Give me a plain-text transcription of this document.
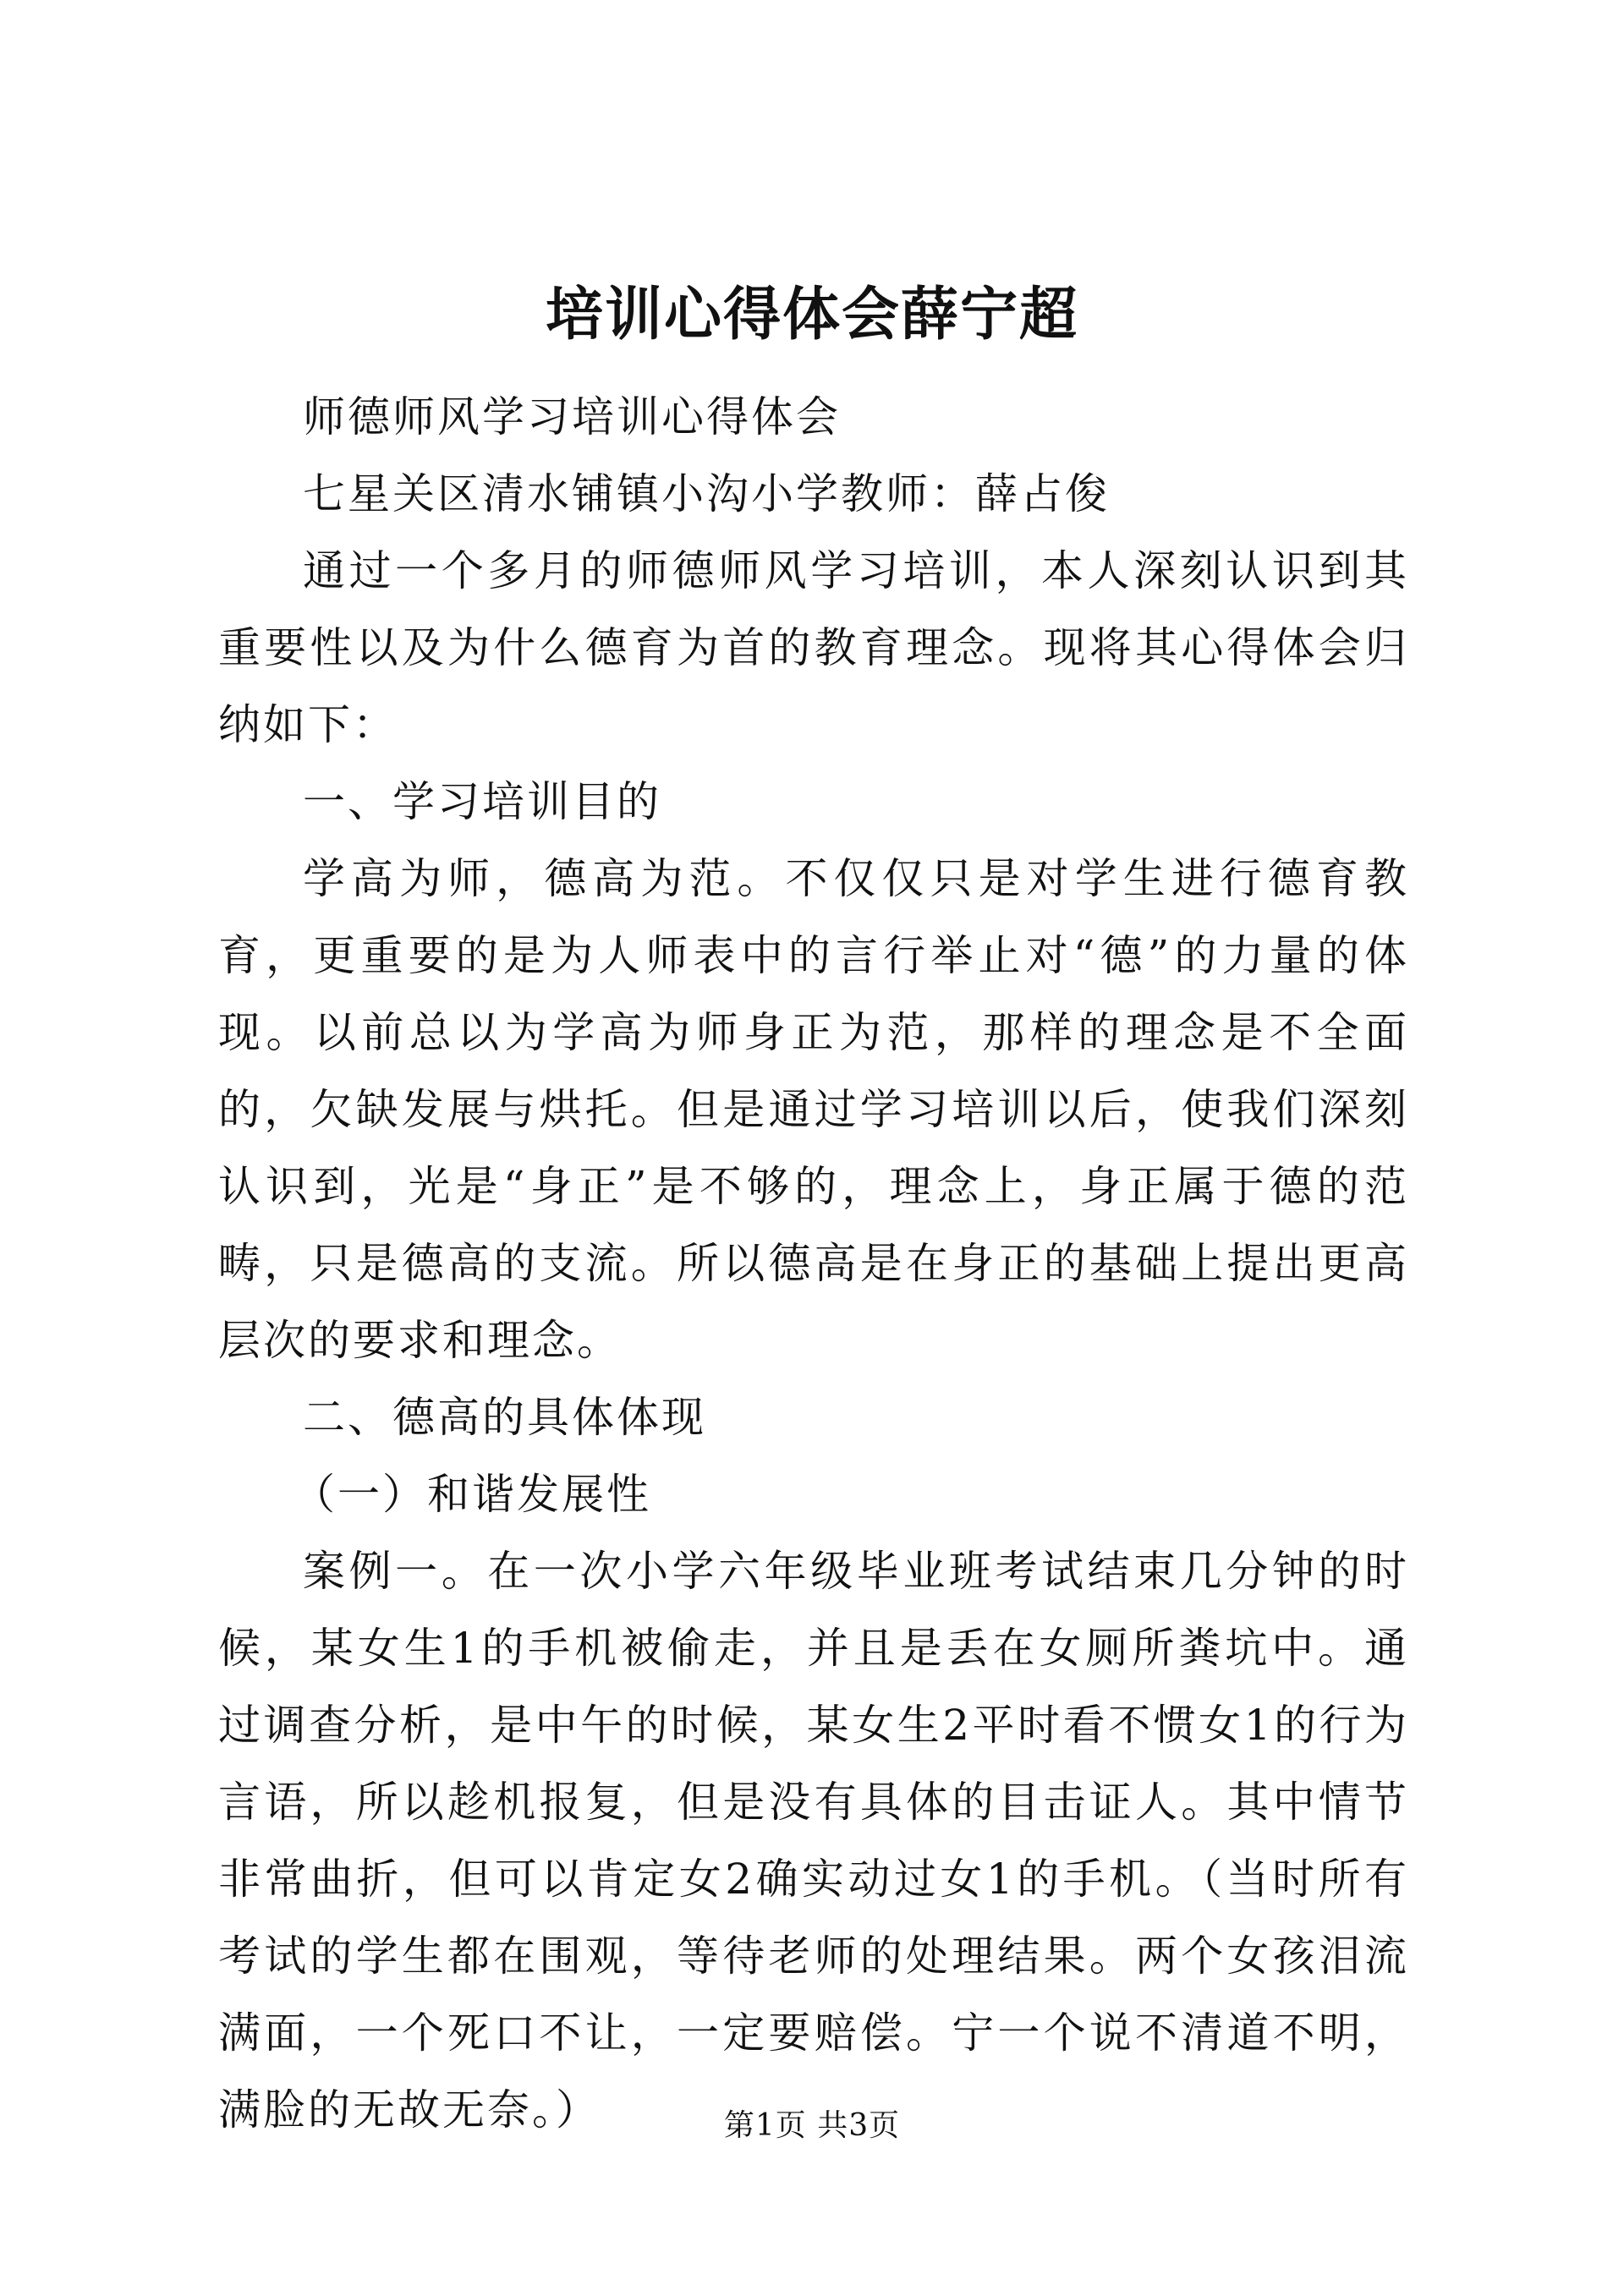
培训心得体会薛宁超

师德师风学习培训心得体会

七星关区清水铺镇小沟小学教师：薛占俊

通过一个多月的师德师风学习培训，本人深刻认识到其重要性以及为什么德育为首的教育理念。现将其心得体会归纳如下：

一、学习培训目的

学高为师，德高为范。不仅仅只是对学生进行德育教育，更重要的是为人师表中的言行举止对“德”的力量的体现。以前总以为学高为师身正为范，那样的理念是不全面的，欠缺发展与烘托。但是通过学习培训以后，使我们深刻认识到，光是“身正”是不够的，理念上，身正属于德的范畴，只是德高的支流。所以德高是在身正的基础上提出更高层次的要求和理念。

二、德高的具体体现

（一）和谐发展性

案例一。在一次小学六年级毕业班考试结束几分钟的时候，某女生1的手机被偷走，并且是丢在女厕所粪坑中。通过调查分析，是中午的时候，某女生2平时看不惯女1的行为言语，所以趁机报复，但是没有具体的目击证人。其中情节非常曲折，但可以肯定女2确实动过女1的手机。（当时所有考试的学生都在围观，等待老师的处理结果。两个女孩泪流满面，一个死口不让，一定要赔偿。宁一个说不清道不明，满脸的无故无奈。）	第1页 共3页
